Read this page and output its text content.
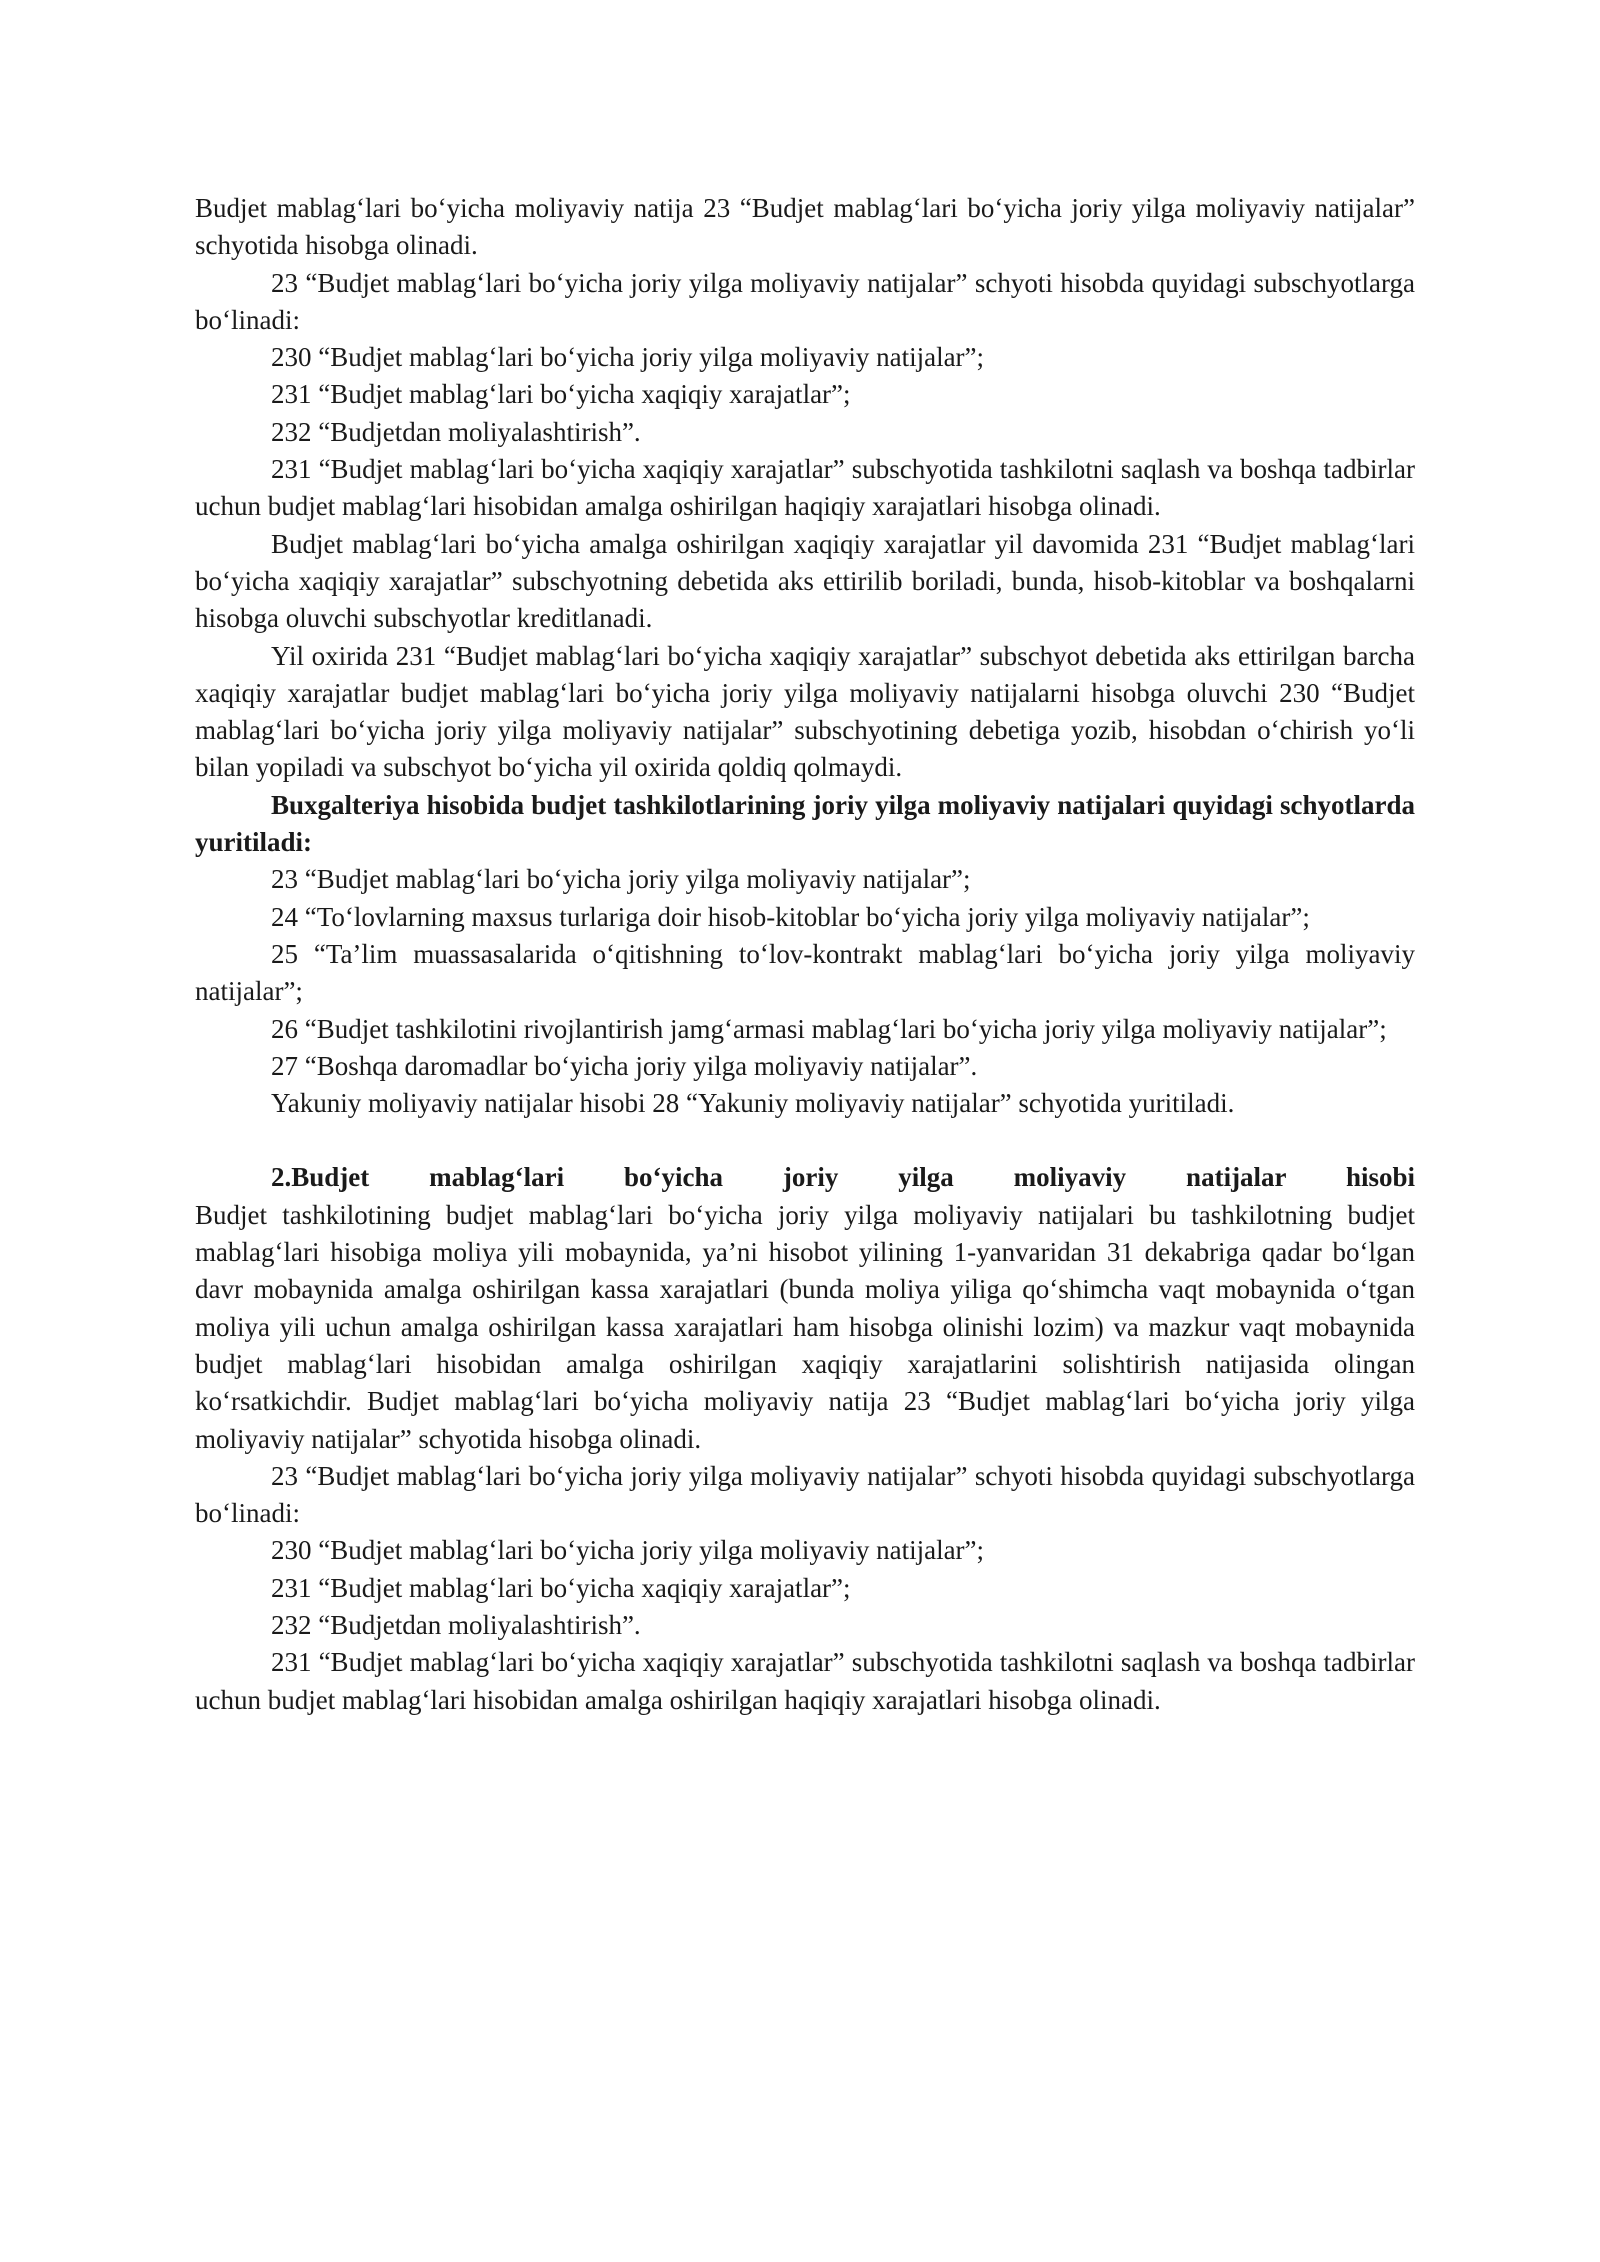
Budjet mablag‘lari bo‘yicha moliyaviy natija 23 “Budjet mablag‘lari bo‘yicha joriy yilga moliyaviy natijalar” schyotida hisobga olinadi.

23 “Budjet mablag‘lari bo‘yicha joriy yilga moliyaviy natijalar” schyoti hisobda quyidagi subschyotlarga bo‘linadi:

230 “Budjet mablag‘lari bo‘yicha joriy yilga moliyaviy natijalar”;

231 “Budjet mablag‘lari bo‘yicha xaqiqiy xarajatlar”;

232 “Budjetdan moliyalashtirish”.

231 “Budjet mablag‘lari bo‘yicha xaqiqiy xarajatlar” subschyotida tashkilotni saqlash va boshqa tadbirlar uchun budjet mablag‘lari hisobidan amalga oshirilgan haqiqiy xarajatlari hisobga olinadi.

Budjet mablag‘lari bo‘yicha amalga oshirilgan xaqiqiy xarajatlar yil davomida 231 “Budjet mablag‘lari bo‘yicha xaqiqiy xarajatlar” subschyotning debetida aks ettirilib boriladi, bunda, hisob-kitoblar va boshqalarni hisobga oluvchi subschyotlar kreditlanadi.

Yil oxirida 231 “Budjet mablag‘lari bo‘yicha xaqiqiy xarajatlar” subschyot debetida aks ettirilgan barcha xaqiqiy xarajatlar budjet mablag‘lari bo‘yicha joriy yilga moliyaviy natijalarni hisobga oluvchi 230 “Budjet mablag‘lari bo‘yicha joriy yilga moliyaviy natijalar” subschyotining debetiga yozib, hisobdan o‘chirish yo‘li bilan yopiladi va subschyot bo‘yicha yil oxirida qoldiq qolmaydi.

Buxgalteriya hisobida budjet tashkilotlarining joriy yilga moliyaviy natijalari quyidagi schyotlarda yuritiladi:

23 “Budjet mablag‘lari bo‘yicha joriy yilga moliyaviy natijalar”;

24 “To‘lovlarning maxsus turlariga doir hisob-kitoblar bo‘yicha joriy yilga moliyaviy natijalar”;

25 “Ta’lim muassasalarida o‘qitishning to‘lov-kontrakt mablag‘lari bo‘yicha joriy yilga moliyaviy natijalar”;

26 “Budjet tashkilotini rivojlantirish jamg‘armasi mablag‘lari bo‘yicha joriy yilga moliyaviy natijalar”;

27 “Boshqa daromadlar bo‘yicha joriy yilga moliyaviy natijalar”.

Yakuniy moliyaviy natijalar hisobi 28 “Yakuniy moliyaviy natijalar” schyotida yuritiladi.

2.Budjet mablag‘lari bo‘yicha joriy yilga moliyaviy natijalar hisobi

Budjet tashkilotining budjet mablag‘lari bo‘yicha joriy yilga moliyaviy natijalari bu tashkilotning budjet mablag‘lari hisobiga moliya yili mobaynida, ya’ni hisobot yilining 1-yanvaridan 31 dekabriga qadar bo‘lgan davr mobaynida amalga oshirilgan kassa xarajatlari (bunda moliya yiliga qo‘shimcha vaqt mobaynida o‘tgan moliya yili uchun amalga oshirilgan kassa xarajatlari ham hisobga olinishi lozim) va mazkur vaqt mobaynida budjet mablag‘lari hisobidan amalga oshirilgan xaqiqiy xarajatlarini solishtirish natijasida olingan ko‘rsatkichdir. Budjet mablag‘lari bo‘yicha moliyaviy natija 23 “Budjet mablag‘lari bo‘yicha joriy yilga moliyaviy natijalar” schyotida hisobga olinadi.

23 “Budjet mablag‘lari bo‘yicha joriy yilga moliyaviy natijalar” schyoti hisobda quyidagi subschyotlarga bo‘linadi:

230 “Budjet mablag‘lari bo‘yicha joriy yilga moliyaviy natijalar”;

231 “Budjet mablag‘lari bo‘yicha xaqiqiy xarajatlar”;

232 “Budjetdan moliyalashtirish”.

231 “Budjet mablag‘lari bo‘yicha xaqiqiy xarajatlar” subschyotida tashkilotni saqlash va boshqa tadbirlar uchun budjet mablag‘lari hisobidan amalga oshirilgan haqiqiy xarajatlari hisobga olinadi.
